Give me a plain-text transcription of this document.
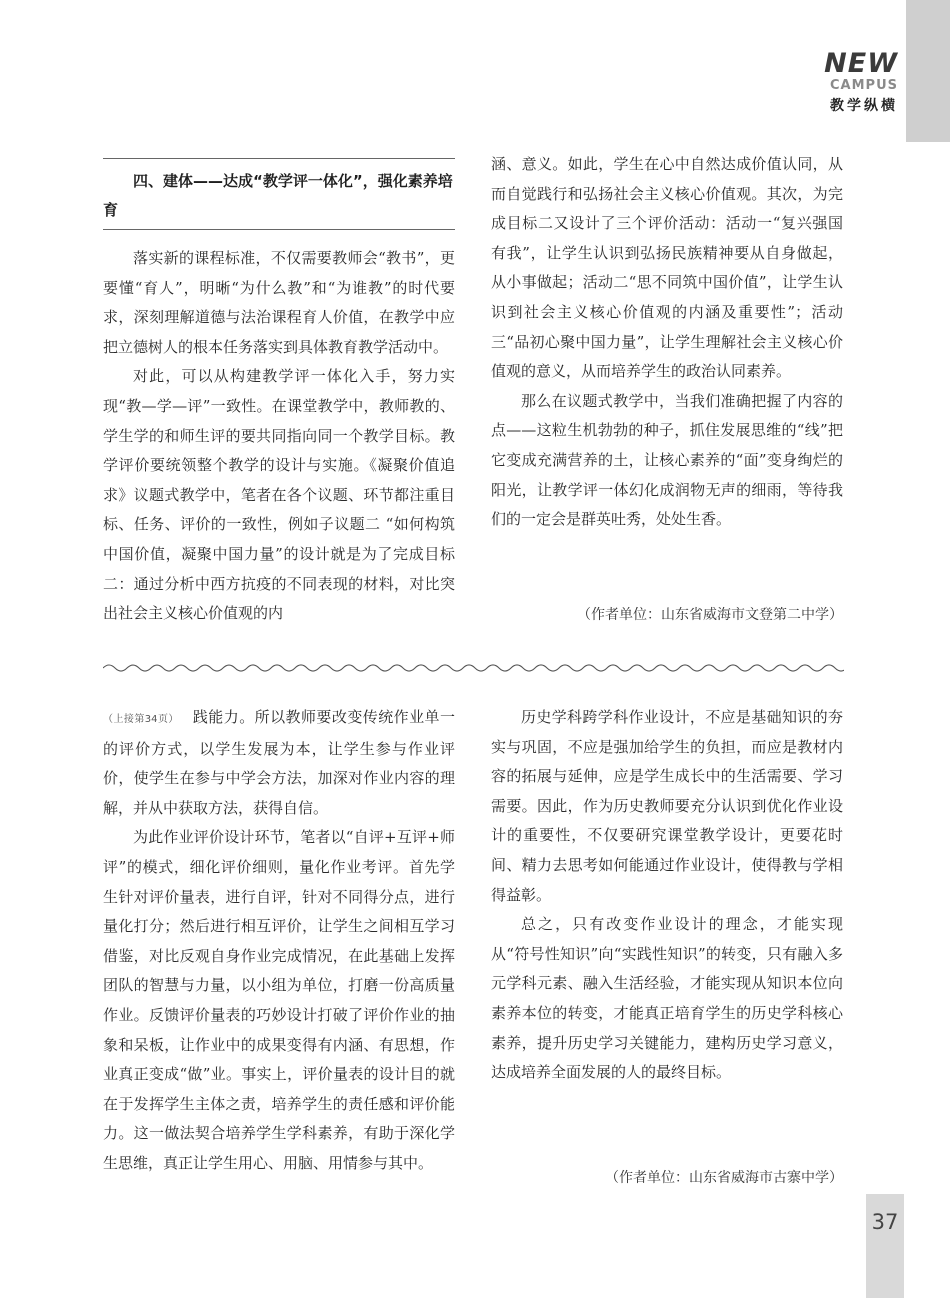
37
NEW
CAMPUS
教学纵横
四、建体——达成“教学评一体化”，强化素养培育

落实新的课程标准，不仅需要教师会“教书”，更要懂“育人”，明晰“为什么教”和“为谁教”的时代要求，深刻理解道德与法治课程育人价值，在教学中应把立德树人的根本任务落实到具体教育教学活动中。

对此，可以从构建教学评一体化入手，努力实现“教—学—评”一致性。在课堂教学中，教师教的、学生学的和师生评的要共同指向同一个教学目标。教学评价要统领整个教学的设计与实施。《凝聚价值追求》议题式教学中，笔者在各个议题、环节都注重目标、任务、评价的一致性，例如子议题二 “如何构筑中国价值，凝聚中国力量”的设计就是为了完成目标二：通过分析中西方抗疫的不同表现的材料，对比突出社会主义核心价值观的内

涵、意义。如此，学生在心中自然达成价值认同，从而自觉践行和弘扬社会主义核心价值观。其次，为完成目标二又设计了三个评价活动：活动一“复兴强国有我”，让学生认识到弘扬民族精神要从自身做起，从小事做起；活动二“思不同筑中国价值”，让学生认识到社会主义核心价值观的内涵及重要性”；活动三“品初心聚中国力量”，让学生理解社会主义核心价值观的意义，从而培养学生的政治认同素养。

那么在议题式教学中，当我们准确把握了内容的点——这粒生机勃勃的种子，抓住发展思维的“线”把它变成充满营养的土，让核心素养的“面”变身绚烂的阳光，让教学评一体幻化成润物无声的细雨，等待我们的一定会是群英吐秀，处处生香。

（作者单位：山东省威海市文登第二中学）

（上接第34页） 践能力。所以教师要改变传统作业单一的评价方式，以学生发展为本，让学生参与作业评价，使学生在参与中学会方法，加深对作业内容的理解，并从中获取方法，获得自信。

为此作业评价设计环节，笔者以“自评+互评+师评”的模式，细化评价细则，量化作业考评。首先学生针对评价量表，进行自评，针对不同得分点，进行量化打分；然后进行相互评价，让学生之间相互学习借鉴，对比反观自身作业完成情况，在此基础上发挥团队的智慧与力量，以小组为单位，打磨一份高质量作业。反馈评价量表的巧妙设计打破了评价作业的抽象和呆板，让作业中的成果变得有内涵、有思想，作业真正变成“做”业。事实上，评价量表的设计目的就在于发挥学生主体之责，培养学生的责任感和评价能力。这一做法契合培养学生学科素养，有助于深化学生思维，真正让学生用心、用脑、用情参与其中。

历史学科跨学科作业设计，不应是基础知识的夯实与巩固，不应是强加给学生的负担，而应是教材内容的拓展与延伸，应是学生成长中的生活需要、学习需要。因此，作为历史教师要充分认识到优化作业设计的重要性，不仅要研究课堂教学设计，更要花时间、精力去思考如何能通过作业设计，使得教与学相得益彰。

总之，只有改变作业设计的理念，才能实现从“符号性知识”向“实践性知识”的转变，只有融入多元学科元素、融入生活经验，才能实现从知识本位向素养本位的转变，才能真正培育学生的历史学科核心素养，提升历史学习关键能力，建构历史学习意义，达成培养全面发展的人的最终目标。

（作者单位：山东省威海市古寨中学）
